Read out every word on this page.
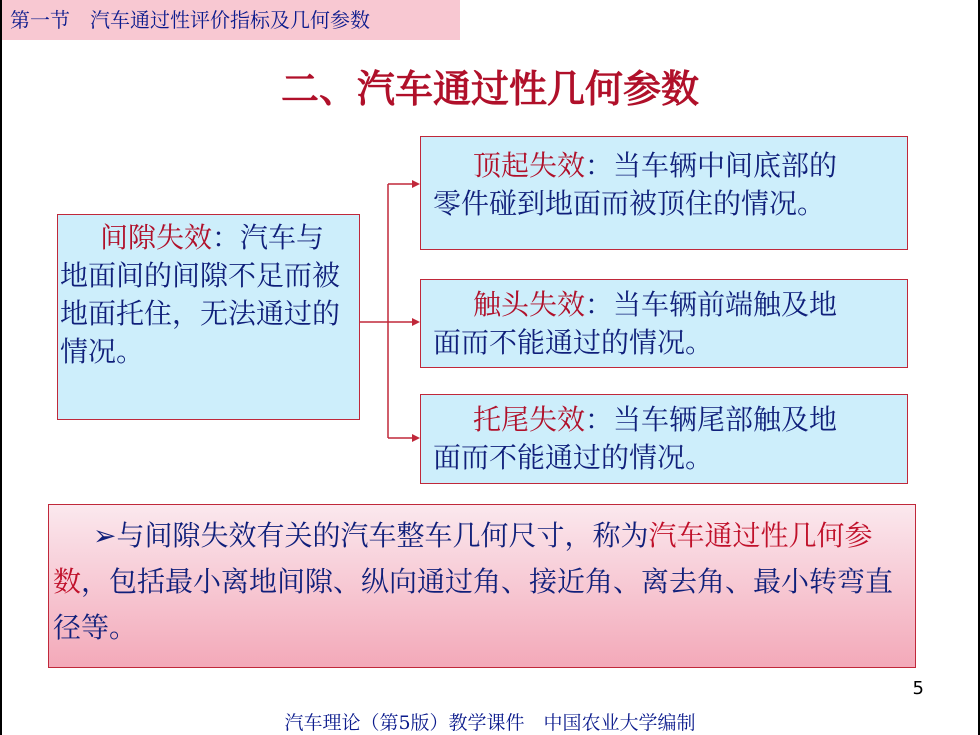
第一节　汽车通过性评价指标及几何参数
二、汽车通过性几何参数
间隙失效：汽车与
地面间的间隙不足而被地面托住，无法通过的情况。
顶起失效：当车辆中间底部的
零件碰到地面而被顶住的情况。
触头失效：当车辆前端触及地
面而不能通过的情况。
托尾失效：当车辆尾部触及地
面而不能通过的情况。
➢与间隙失效有关的汽车整车几何尺寸，称为汽车通过性几何参数，包括最小离地间隙、纵向通过角、接近角、离去角、最小转弯直径等。
5
汽车理论（第5版）教学课件　中国农业大学编制
